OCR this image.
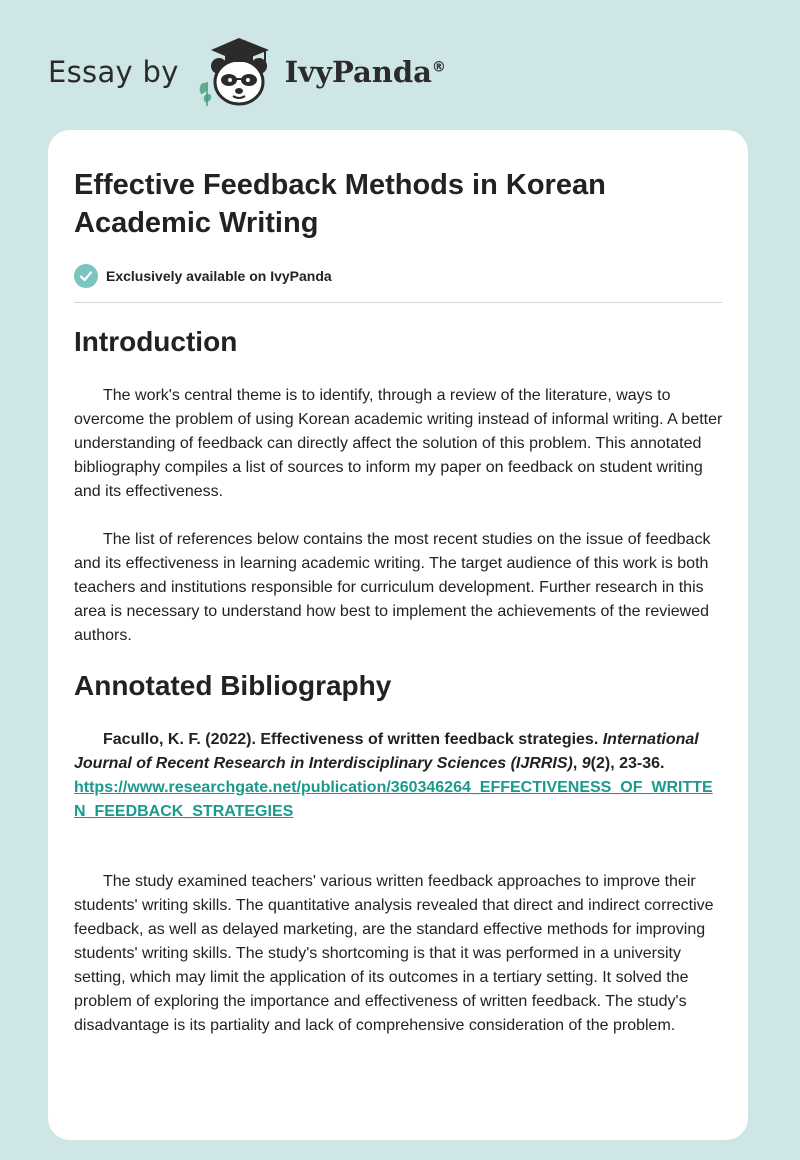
Essay by	IvyPanda®
Effective Feedback Methods in Korean Academic Writing
Exclusively available on IvyPanda
Introduction

The work's central theme is to identify, through a review of the literature, ways to overcome the problem of using Korean academic writing instead of informal writing. A better understanding of feedback can directly affect the solution of this problem. This annotated bibliography compiles a list of sources to inform my paper on feedback on student writing and its effectiveness.

The list of references below contains the most recent studies on the issue of feedback and its effectiveness in learning academic writing. The target audience of this work is both teachers and institutions responsible for curriculum development. Further research in this area is necessary to understand how best to implement the achievements of the reviewed authors.

Annotated Bibliography
Facullo, K. F. (2022). Effectiveness of written feedback strategies. International Journal of Recent Research in Interdisciplinary Sciences (IJRRIS), 9(2), 23-36.
https://www.researchgate.net/publication/360346264_EFFECTIVENESS_OF_WRITTEN_FEEDBACK_STRATEGIES

The study examined teachers' various written feedback approaches to improve their students' writing skills. The quantitative analysis revealed that direct and indirect corrective feedback, as well as delayed marketing, are the standard effective methods for improving students' writing skills. The study's shortcoming is that it was performed in a university setting, which may limit the application of its outcomes in a tertiary setting. It solved the problem of exploring the importance and effectiveness of written feedback. The study's disadvantage is its partiality and lack of comprehensive consideration of the problem.
